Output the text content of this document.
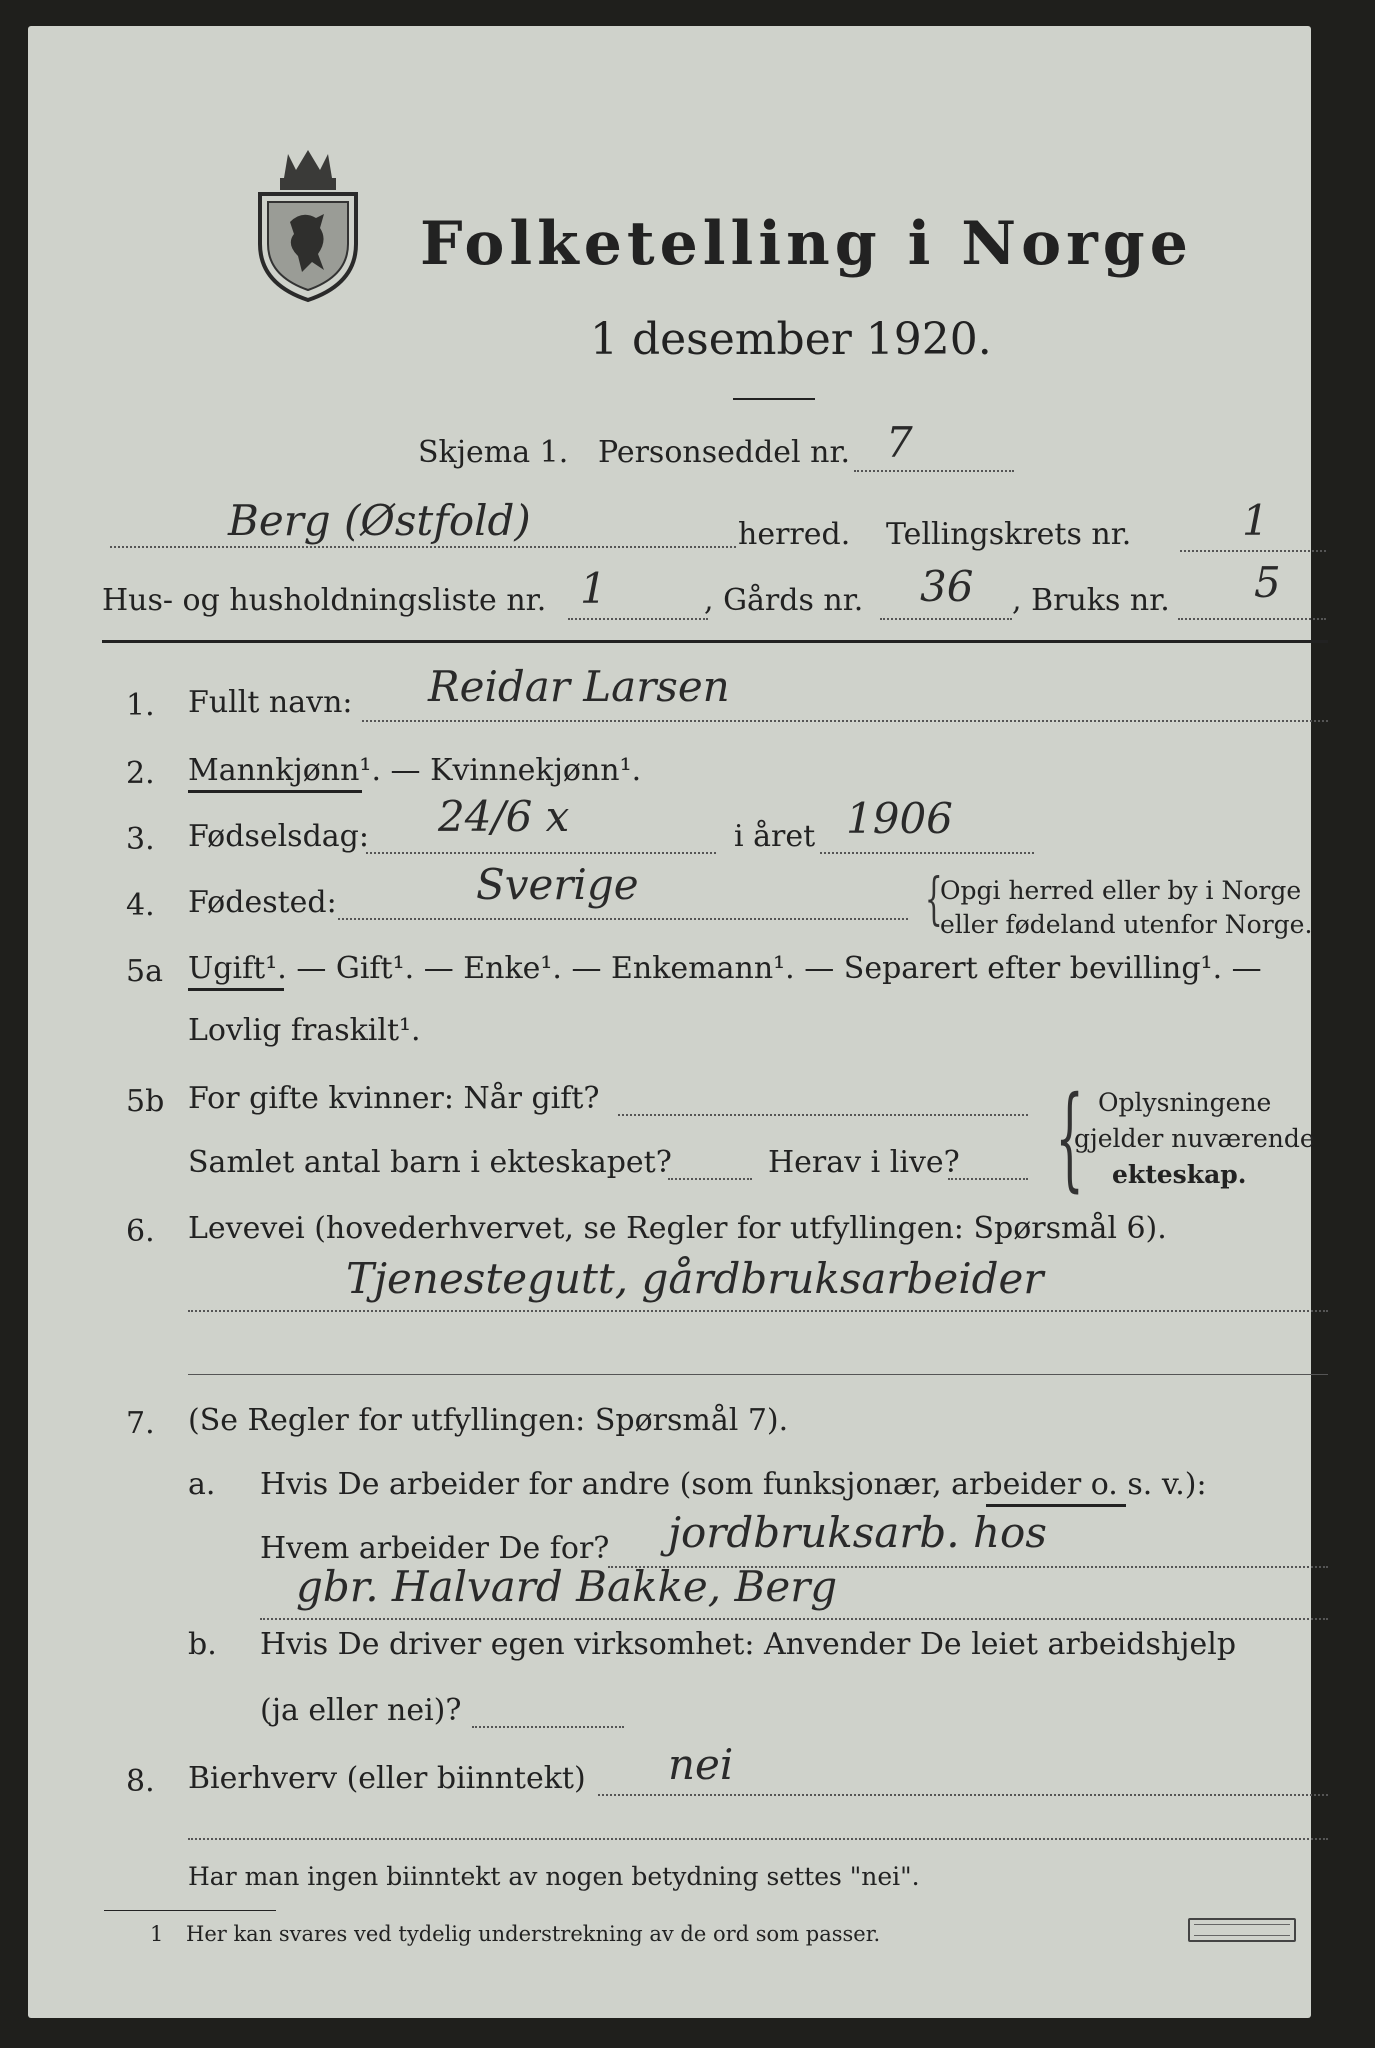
Folketelling i Norge
1 desember 1920.
Skjema 1. Personseddel nr. 7
Berg (Østfold)	herred. Tellingskrets nr.	1
Hus- og husholdningsliste nr. 1	, Gårds nr. 36 , Bruks nr. 5
1. Fullt navn: Reidar Larsen
2. Mannkjønn¹. — Kvinnekjønn¹.
3. Fødselsdag: 24/6 x	i året 1906
4. Fødested:	Sverige	{
Opgi herred eller by i Norge
eller fødeland utenfor Norge.
5a Ugift¹. — Gift¹. — Enke¹. — Enkemann¹. — Separert efter bevilling¹. —
Lovlig fraskilt¹.
5b For gifte kvinner: Når gift?
Samlet antal barn i ekteskapet?	Herav i live? { Oplysningene
gjelder nuværende
ekteskap.
6. Levevei (hovederhvervet, se Regler for utfyllingen: Spørsmål 6).
Tjenestegutt, gårdbruksarbeider
7. (Se Regler for utfyllingen: Spørsmål 7).
a. Hvis De arbeider for andre (som funksjonær, arbeider o. s. v.):
Hvem arbeider De for? jordbruksarb. hos
gbr. Halvard Bakke, Berg
b. Hvis De driver egen virksomhet: Anvender De leiet arbeidshjelp
(ja eller nei)?
8. Bierhverv (eller biinntekt) nei
Har man ingen biinntekt av nogen betydning settes "nei".
1 Her kan svares ved tydelig understrekning av de ord som passer.
